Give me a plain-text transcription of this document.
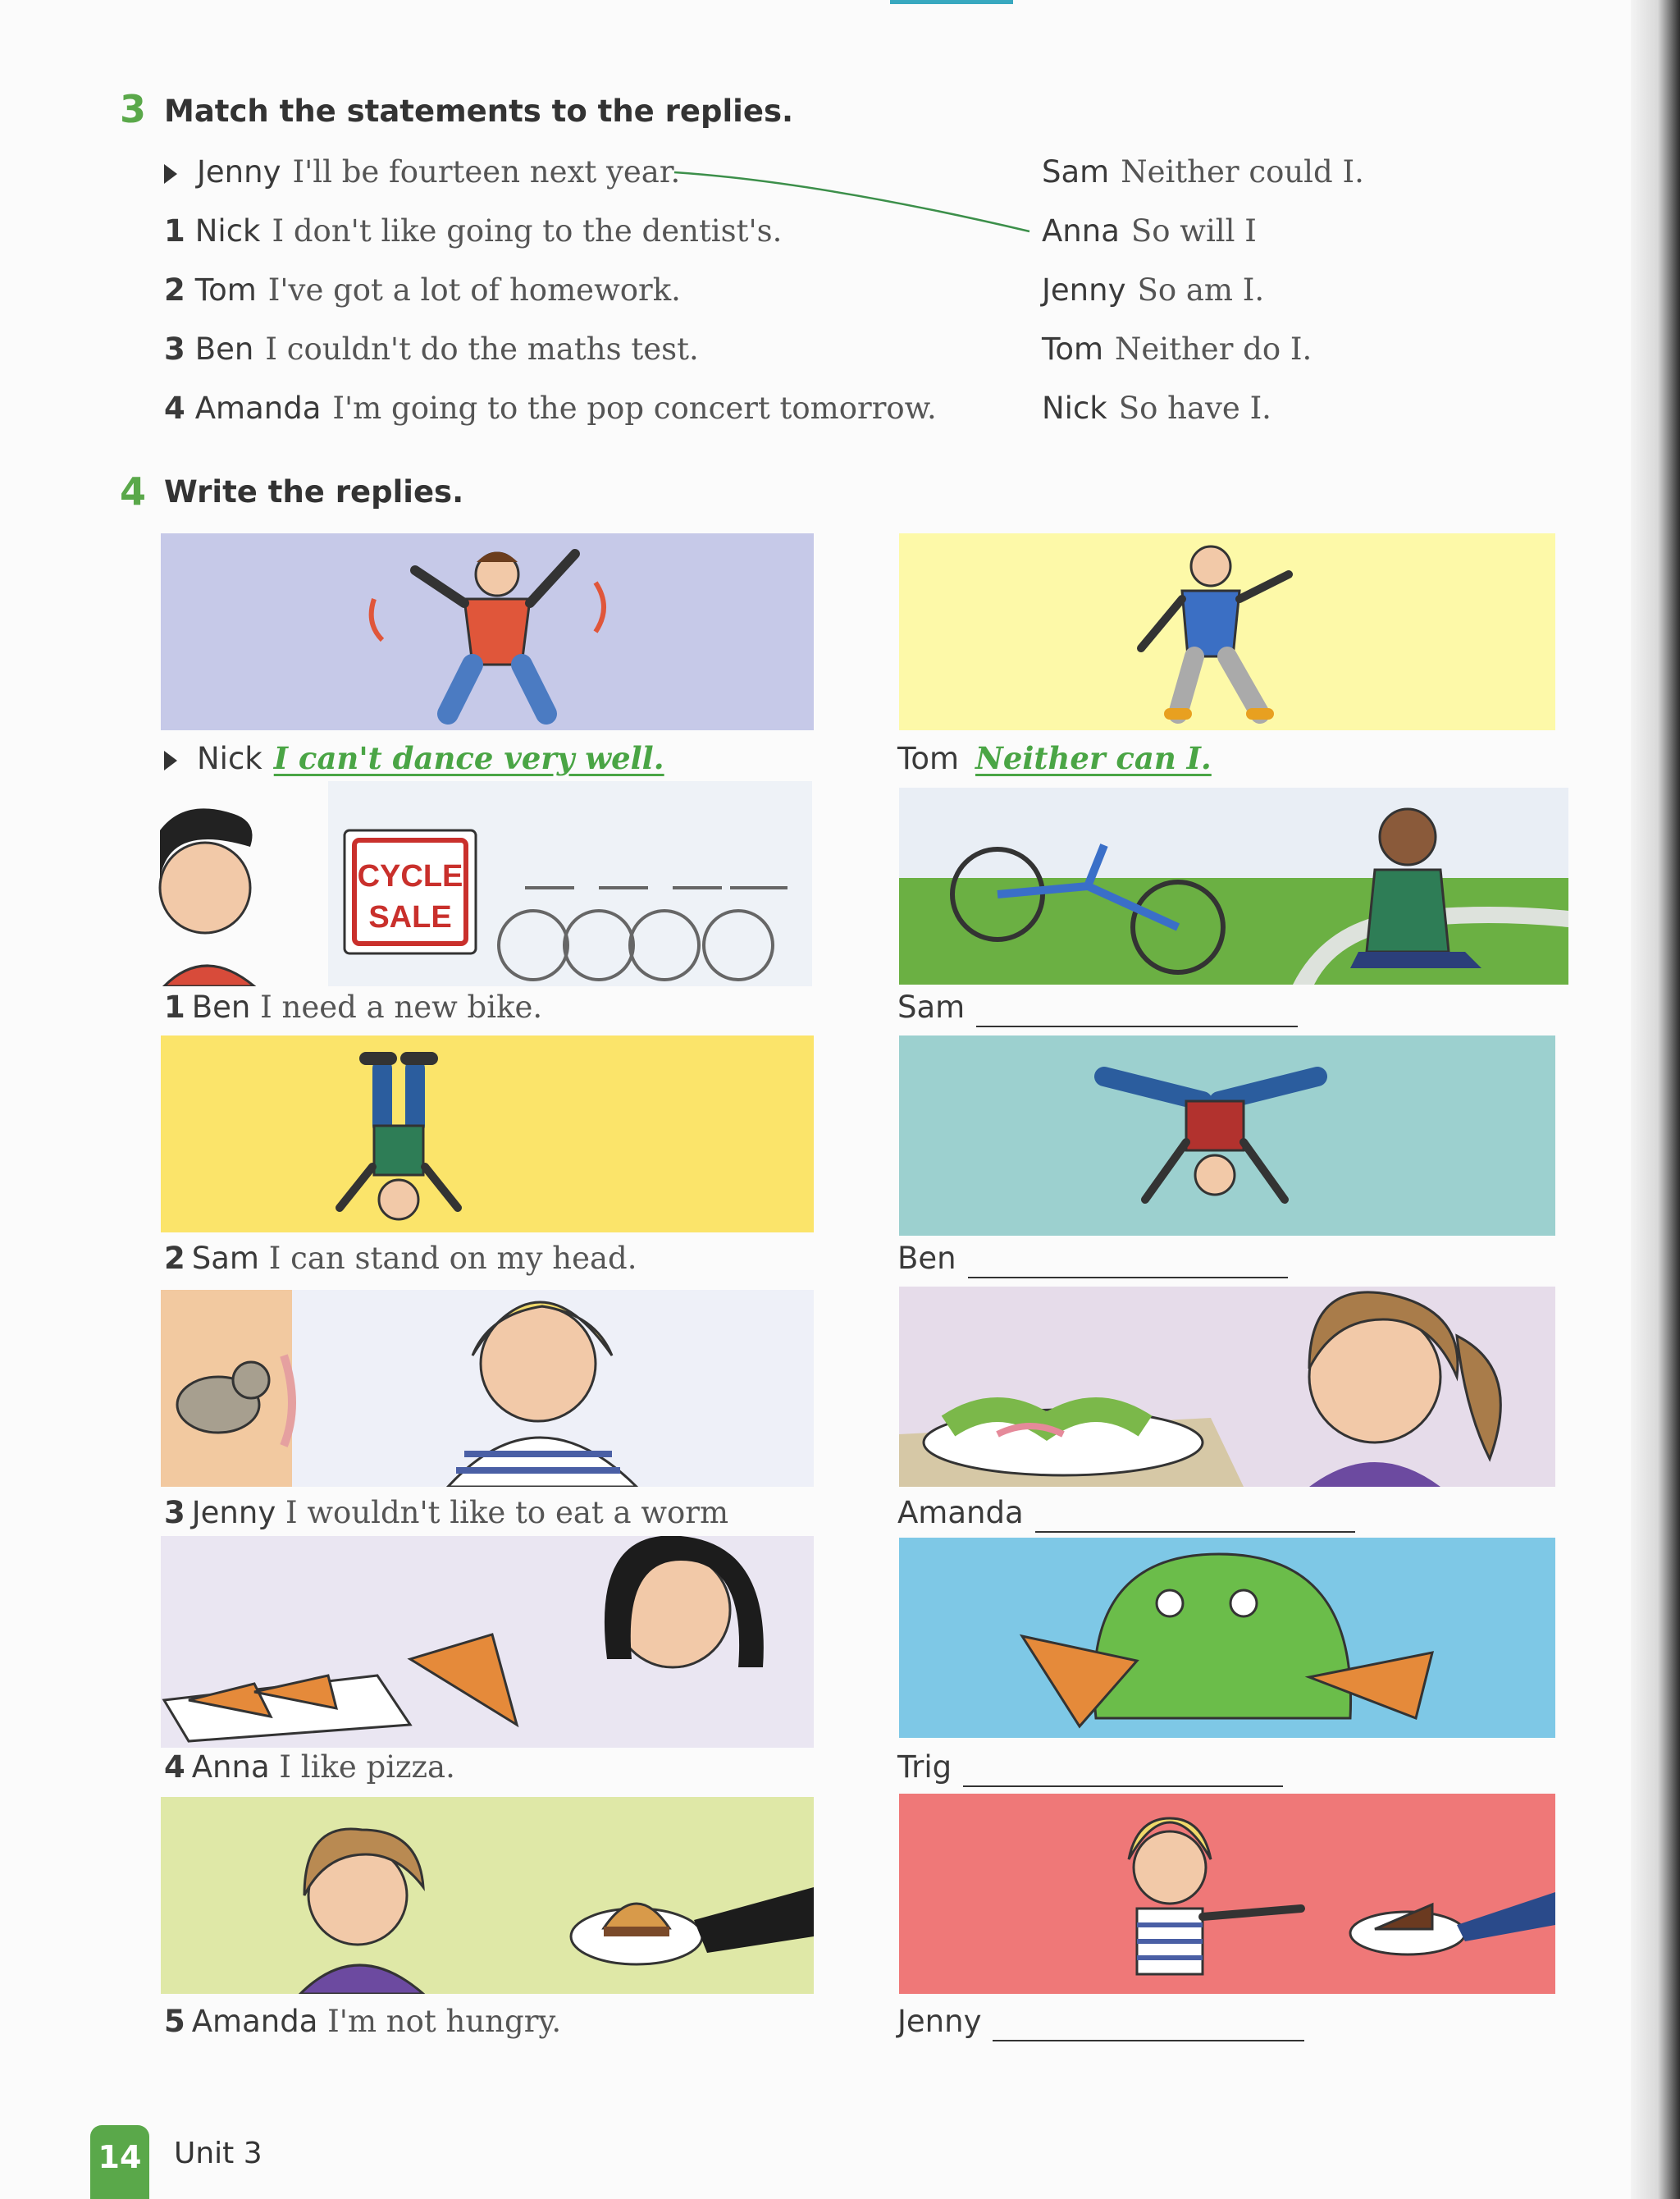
3 Match the statements to the replies.
Jenny I'll be fourteen next year.
1 Nick I don't like going to the dentist's.
2 Tom I've got a lot of homework.
3 Ben I couldn't do the maths test.
4 Amanda I'm going to the pop concert tomorrow.
Sam Neither could I.
Anna So will I
Jenny So am I.
Tom Neither do I.
Nick So have I.
4 Write the replies.
Nick I can't dance very well.
CYCLE
SALE
1 Ben I need a new bike.
2 Sam I can stand on my head.
3 Jenny I wouldn't like to eat a worm
4 Anna I like pizza.
5 Amanda I'm not hungry.
Tom Neither can I.
Sam
Ben
Amanda
Trig
Jenny
14 Unit 3
